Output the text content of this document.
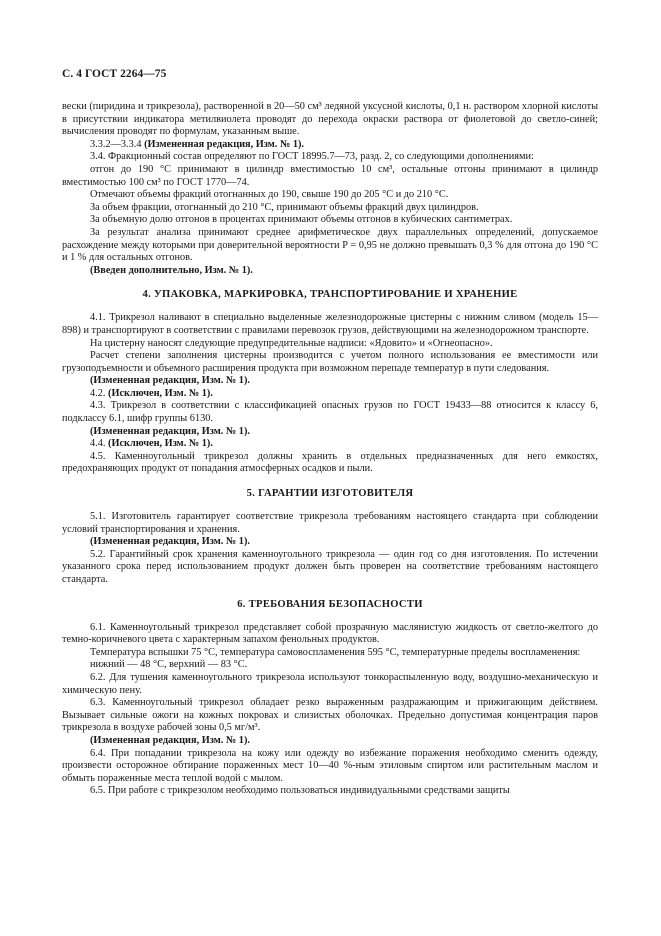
С. 4 ГОСТ 2264—75

вески (пиридина и трикрезола), растворенной в 20—50 см³ ледяной уксусной кислоты, 0,1 н. раствором хлорной кислоты в присутствии индикатора метилвиолета проводят до перехода окраски раствора от фиолетовой до светло-синей; вычисления проводят по формулам, указанным выше.

3.3.2—3.3.4 (Измененная редакция, Изм. № 1).

3.4. Фракционный состав определяют по ГОСТ 18995.7—73, разд. 2, со следующими дополнениями:

отгон до 190 °С принимают в цилиндр вместимостью 10 см³, остальные отгоны принимают в цилиндр вместимостью 100 см³ по ГОСТ 1770—74.

Отмечают объемы фракций отогнанных до 190, свыше 190 до 205 °С и до 210 °С.

За объем фракции, отогнанный до 210 °С, принимают объемы фракций двух цилиндров.

За объемную долю отгонов в процентах принимают объемы отгонов в кубических сантиметрах.

За результат анализа принимают среднее арифметическое двух параллельных определений, допускаемое расхождение между которыми при доверительной вероятности P = 0,95 не должно превышать 0,3 % для отгона до 190 °С и 1 % для остальных отгонов.

(Введен дополнительно, Изм. № 1).

4. УПАКОВКА, МАРКИРОВКА, ТРАНСПОРТИРОВАНИЕ И ХРАНЕНИЕ

4.1. Трикрезол наливают в специально выделенные железнодорожные цистерны с нижним сливом (модель 15—898) и транспортируют в соответствии с правилами перевозок грузов, действующими на железнодорожном транспорте.

На цистерну наносят следующие предупредительные надписи: «Ядовито» и «Огнеопасно».

Расчет степени заполнения цистерны производится с учетом полного использования ее вместимости или грузоподъемности и объемного расширения продукта при возможном перепаде температур в пути следования.

(Измененная редакция, Изм. № 1).

4.2. (Исключен, Изм. № 1).

4.3. Трикрезол в соответствии с классификацией опасных грузов по ГОСТ 19433—88 относится к классу 6, подклассу 6.1, шифр группы 6130.

(Измененная редакция, Изм. № 1).

4.4. (Исключен, Изм. № 1).

4.5. Каменноугольный трикрезол должны хранить в отдельных предназначенных для него емкостях, предохраняющих продукт от попадания атмосферных осадков и пыли.

5. ГАРАНТИИ ИЗГОТОВИТЕЛЯ

5.1. Изготовитель гарантирует соответствие трикрезола требованиям настоящего стандарта при соблюдении условий транспортирования и хранения.

(Измененная редакция, Изм. № 1).

5.2. Гарантийный срок хранения каменноугольного трикрезола — один год со дня изготовления. По истечении указанного срока перед использованием продукт должен быть проверен на соответствие требованиям настоящего стандарта.

6. ТРЕБОВАНИЯ БЕЗОПАСНОСТИ

6.1. Каменноугольный трикрезол представляет собой прозрачную маслянистую жидкость от светло-желтого до темно-коричневого цвета с характерным запахом фенольных продуктов.

Температура вспышки 75 °С, температура самовоспламенения 595 °С, температурные пределы воспламенения:

нижний — 48 °С, верхний — 83 °С.

6.2. Для тушения каменноугольного трикрезола используют тонкораспыленную воду, воздушно-механическую и химическую пену.

6.3. Каменноугольный трикрезол обладает резко выраженным раздражающим и прижигающим действием. Вызывает сильные ожоги на кожных покровах и слизистых оболочках. Предельно допустимая концентрация паров трикрезола в воздухе рабочей зоны 0,5 мг/м³.

(Измененная редакция, Изм. № 1).

6.4. При попадании трикрезола на кожу или одежду во избежание поражения необходимо сменить одежду, произвести осторожное обтирание пораженных мест 10—40 %-ным этиловым спиртом или растительным маслом и обмыть пораженные места теплой водой с мылом.

6.5. При работе с трикрезолом необходимо пользоваться индивидуальными средствами защиты
